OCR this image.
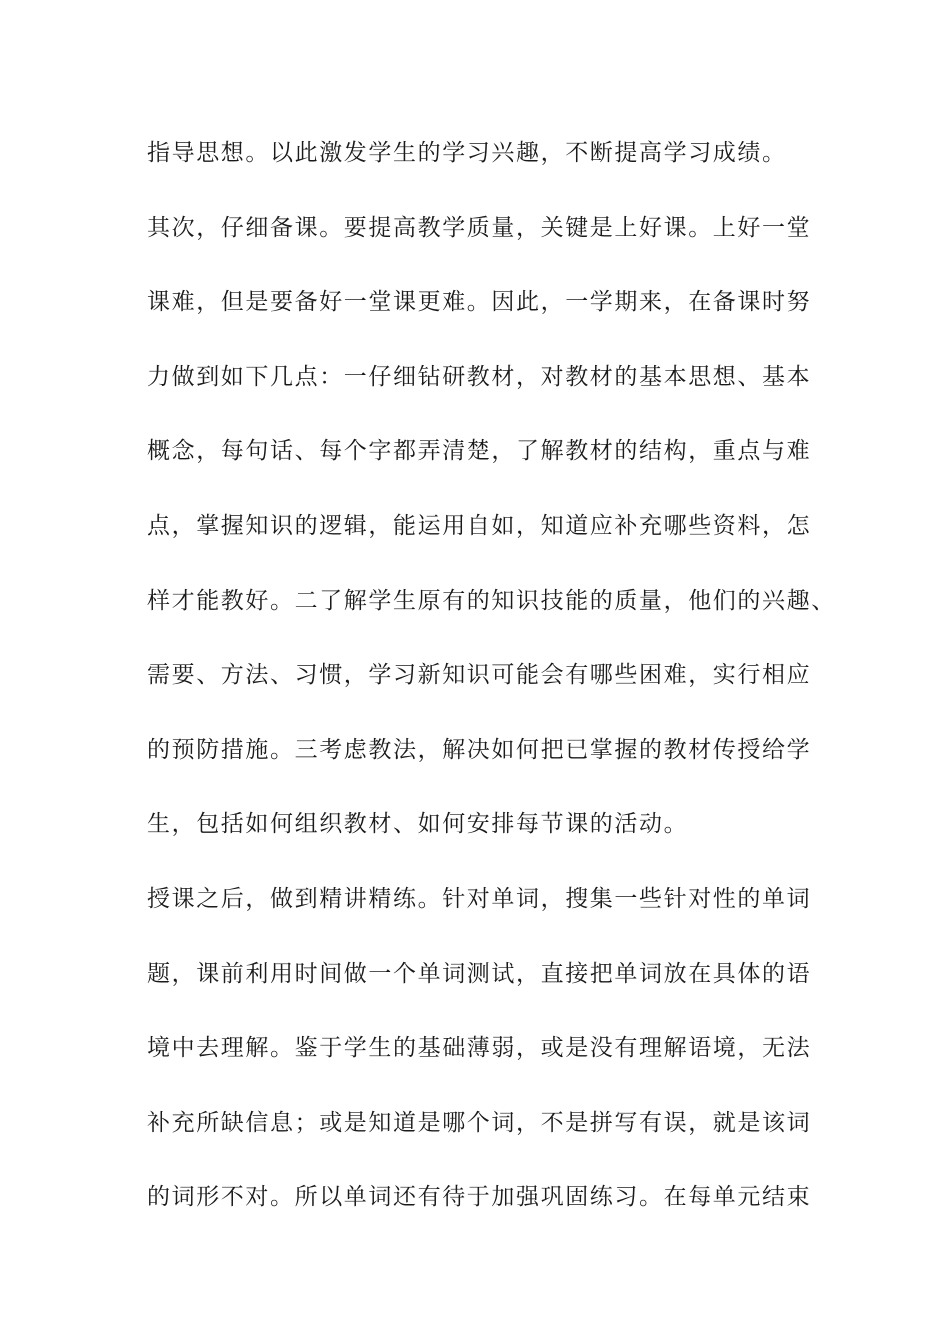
指导思想。以此激发学生的学习兴趣，不断提高学习成绩。
其次，仔细备课。要提高教学质量，关键是上好课。上好一堂
课难，但是要备好一堂课更难。因此，一学期来，在备课时努
力做到如下几点：一仔细钻研教材，对教材的基本思想、基本
概念，每句话、每个字都弄清楚，了解教材的结构，重点与难
点，掌握知识的逻辑，能运用自如，知道应补充哪些资料，怎
样才能教好。二了解学生原有的知识技能的质量，他们的兴趣、
需要、方法、习惯，学习新知识可能会有哪些困难，实行相应
的预防措施。三考虑教法，解决如何把已掌握的教材传授给学
生，包括如何组织教材、如何安排每节课的活动。
授课之后，做到精讲精练。针对单词，搜集一些针对性的单词
题，课前利用时间做一个单词测试，直接把单词放在具体的语
境中去理解。鉴于学生的基础薄弱，或是没有理解语境，无法
补充所缺信息；或是知道是哪个词，不是拼写有误，就是该词
的词形不对。所以单词还有待于加强巩固练习。在每单元结束
